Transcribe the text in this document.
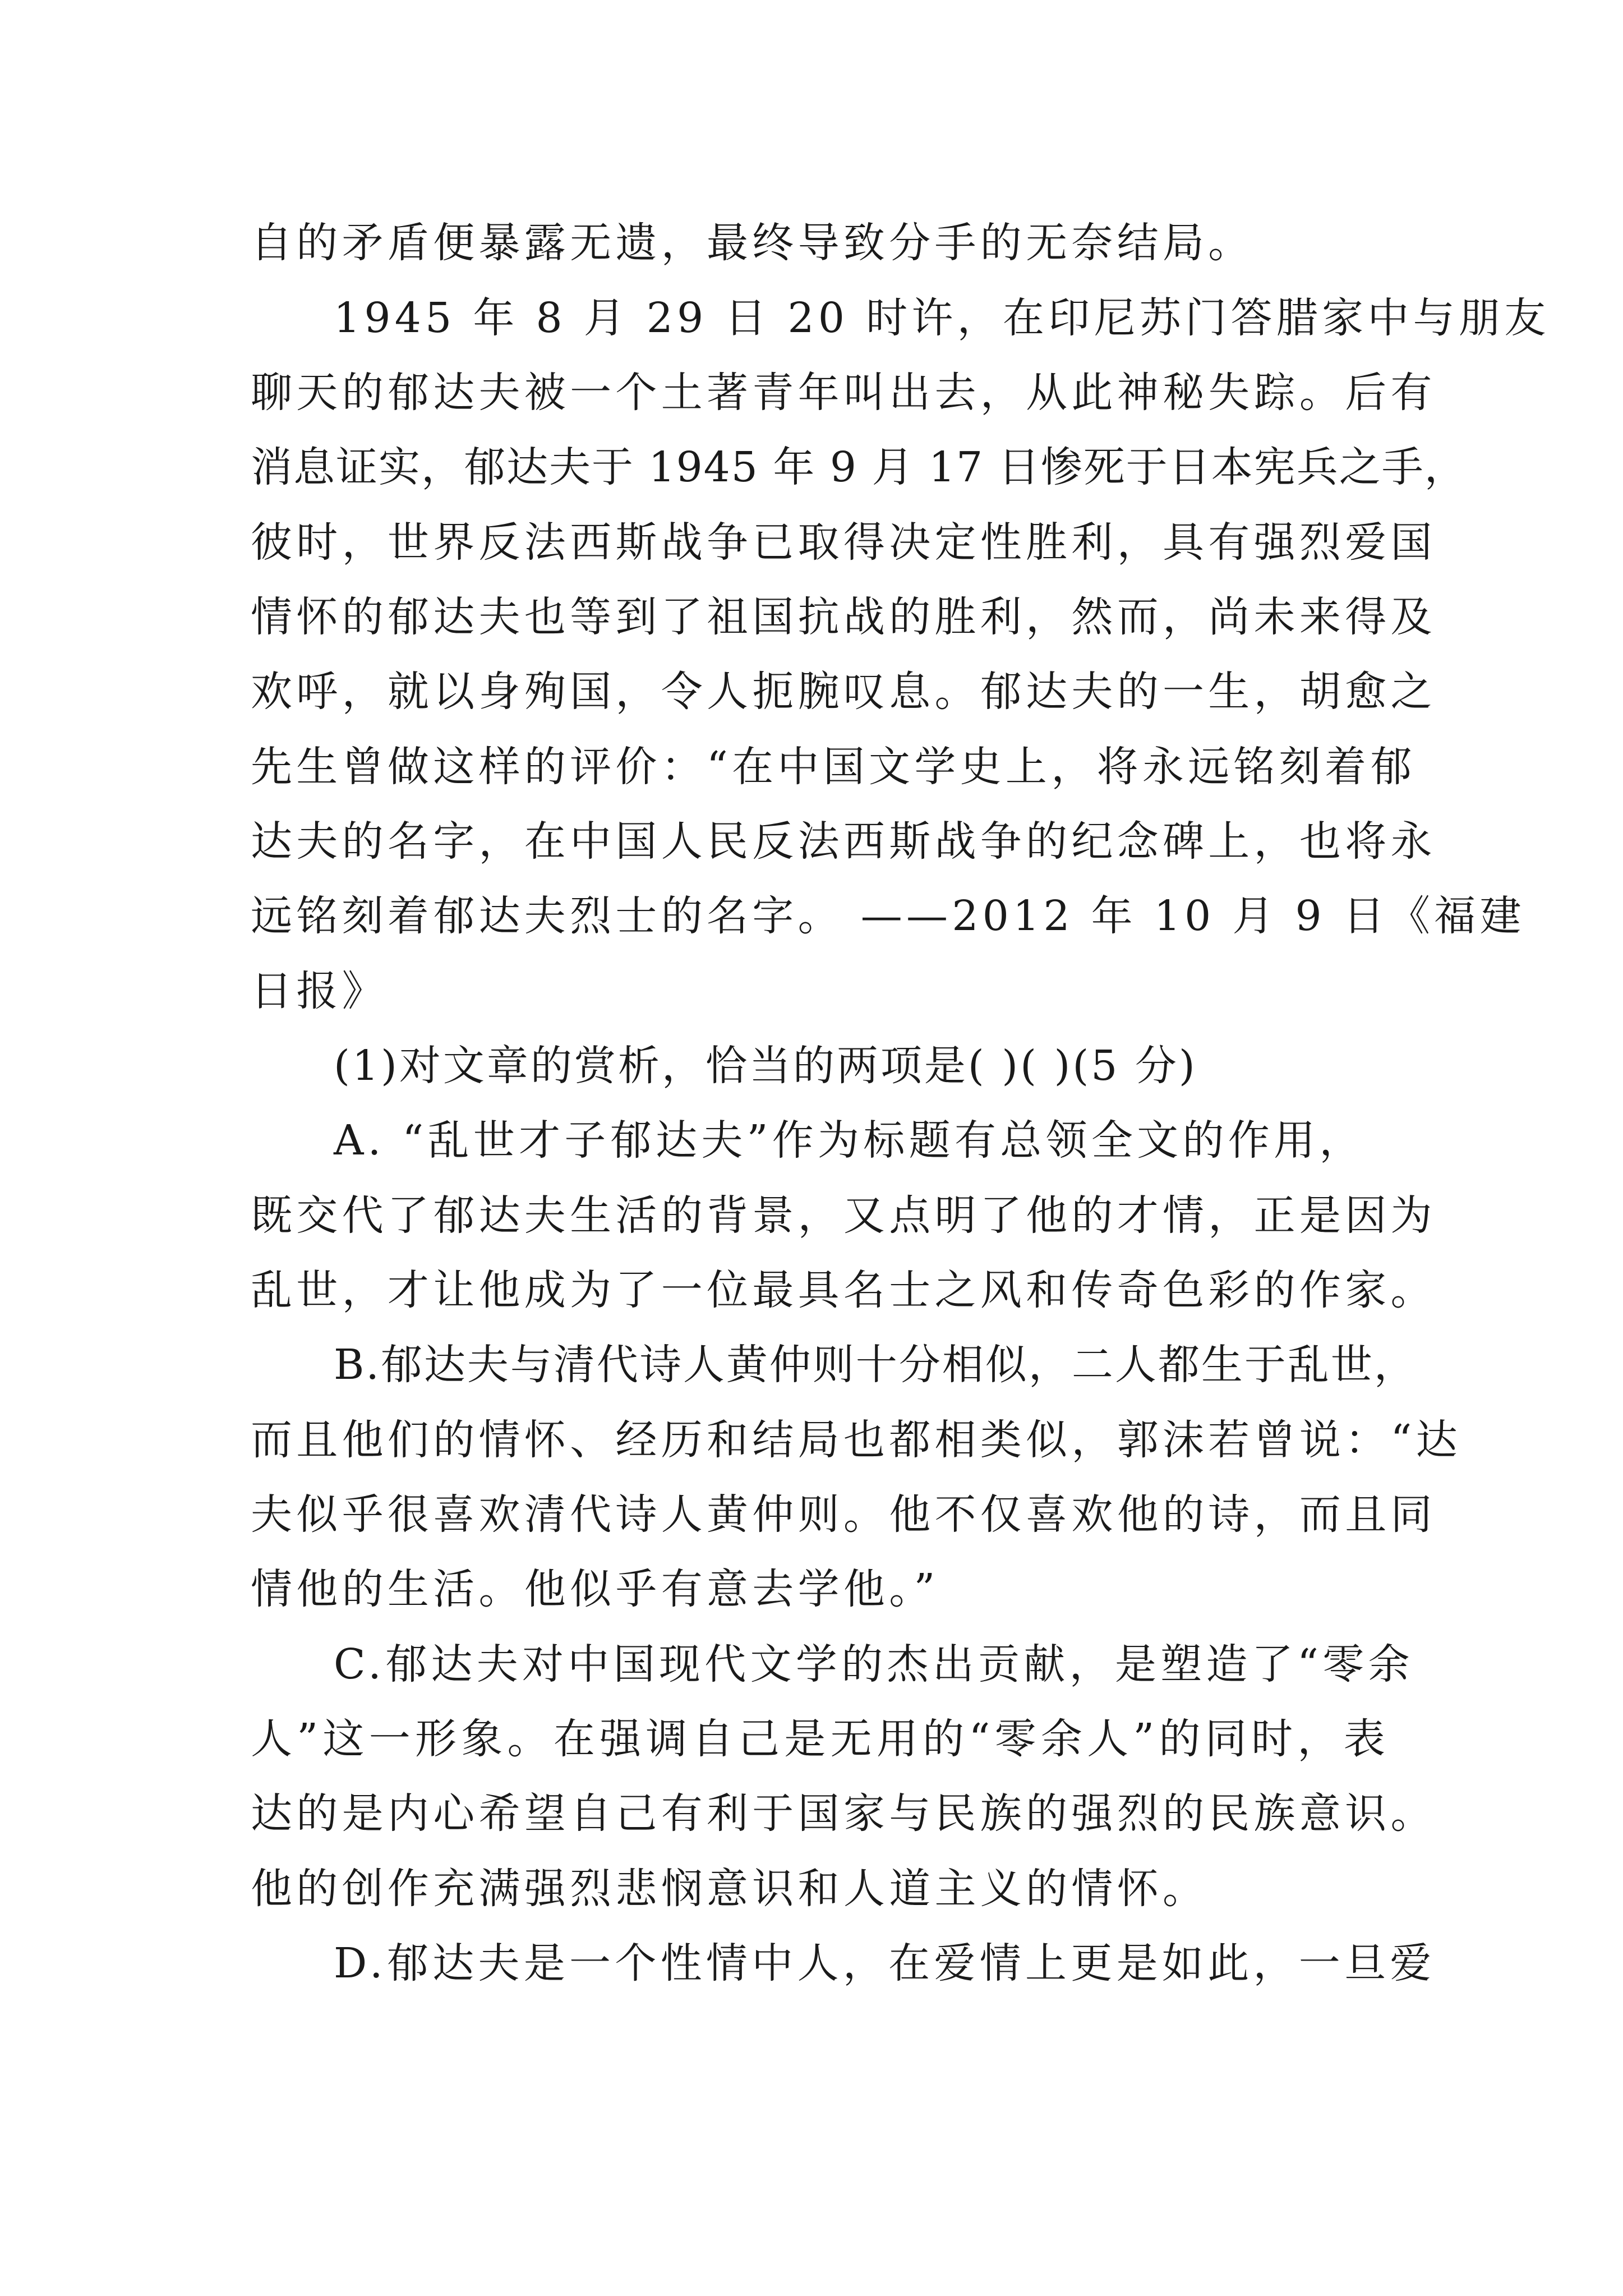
自的矛盾便暴露无遗，最终导致分手的无奈结局。
1945 年 8 月 29 日 20 时许，在印尼苏门答腊家中与朋友
聊天的郁达夫被一个土著青年叫出去，从此神秘失踪。后有
消息证实，郁达夫于 1945 年 9 月 17 日惨死于日本宪兵之手，
彼时，世界反法西斯战争已取得决定性胜利，具有强烈爱国
情怀的郁达夫也等到了祖国抗战的胜利，然而，尚未来得及
欢呼，就以身殉国，令人扼腕叹息。郁达夫的一生，胡愈之
先生曾做这样的评价：“在中国文学史上，将永远铭刻着郁
达夫的名字，在中国人民反法西斯战争的纪念碑上，也将永
远铭刻着郁达夫烈士的名字。 ——2012 年 10 月 9 日《福建
日报》
(1)对文章的赏析，恰当的两项是( )( )(5 分)
A. “乱世才子郁达夫”作为标题有总领全文的作用，
既交代了郁达夫生活的背景，又点明了他的才情，正是因为
乱世，才让他成为了一位最具名士之风和传奇色彩的作家。
B.郁达夫与清代诗人黄仲则十分相似，二人都生于乱世，
而且他们的情怀、经历和结局也都相类似，郭沫若曾说：“达
夫似乎很喜欢清代诗人黄仲则。他不仅喜欢他的诗，而且同
情他的生活。他似乎有意去学他。”
C.郁达夫对中国现代文学的杰出贡献，是塑造了“零余
人”这一形象。在强调自己是无用的“零余人”的同时，表
达的是内心希望自己有利于国家与民族的强烈的民族意识。
他的创作充满强烈悲悯意识和人道主义的情怀。
D.郁达夫是一个性情中人，在爱情上更是如此，一旦爱
